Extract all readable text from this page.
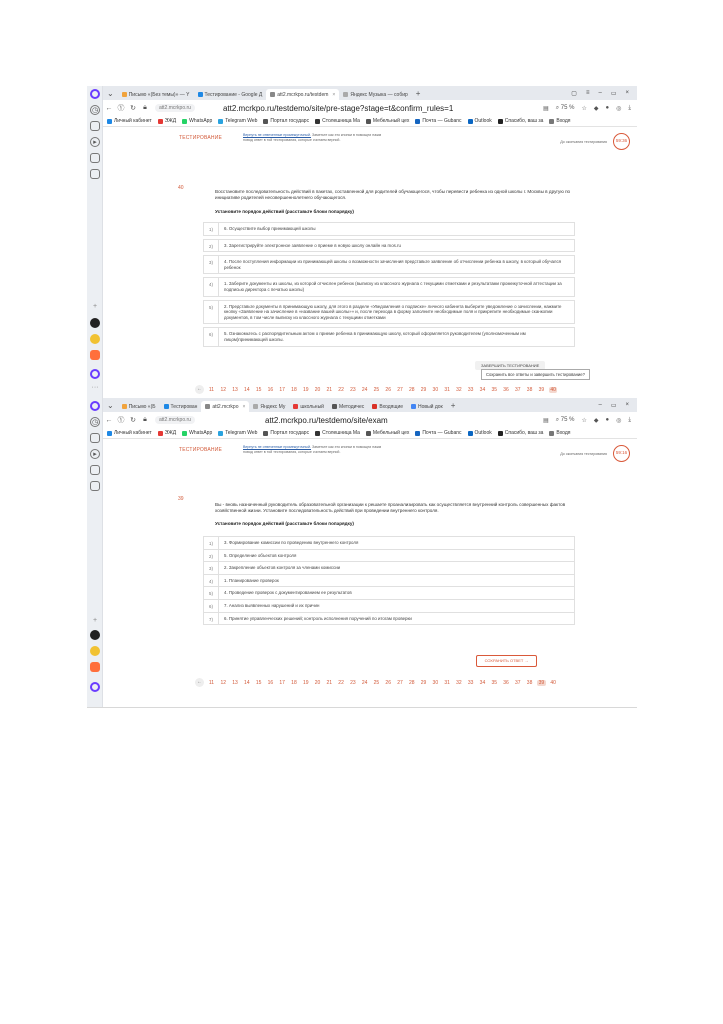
◷
▸
+
···
⌄	Письмо «(Без темы)» — Y	Тестирование - Google Д	att2.mcrkpo.ru/testdem ×	Яндекс Музыка — собир	+	▢ ≡ – ▭ ×
← Ⓨ ↻	🔒︎	att2.mcrkpo.ru	att2.mcrkpo.ru/testdemo/site/pre-stage?stage=t&confirm_rules=1	▤ ⌕ 75 % ☆ ◆ ● ◎ ⤓
Личный кабинет	ЭЖД	WhatsApp	Telegram Web	Портал государс	Столешница Ма	Мебельный цех	Почта — Gubanc	Outlook	Спасибо, ваш за	Входя
ТЕСТИРОВАНИЕ	Вернуть не отвеченные промежуточный. Заметьте как это кнопки в помощни нажм повод ответ в той тестирования, которые считаем верной.
До окончания тестирования	59:36
40
Восстановите последовательность действий в пакетах, составленной для родителей обучающегося, чтобы перевести ребенка из одной школы г. Москвы в другую по инициативе родителей несовершеннолетнего обучающегося.
Установите порядок действий (расставьте блоки попарядку)
1)	6. Осуществите выбор принимающей школы
2)	3. Зарегистрируйте электронное заявление о приеме в новую школу онлайн на mos.ru
3)	4. После поступления информации из принимающей школы о возможности зачисления представьте заявление об отчислении ребенка в школу, в который обучался ребенок
4)	1. Заберите документы из школы, из которой отчислен ребенок (выписку из классного журнала с текущими отметками и результатами промежуточной аттестации за подписью директора с печатью школы)
5)	2. Представьте документы в принимающую школу, для этого в разделе «Уведомления о подписке» личного кабинета выберите уведомление о зачислении, нажмите кнопку «Заявление на зачисление в «название вашей школы»» и, после перехода в форму заполните необходимые поля и прикрепите необходимые сканкопии документов, в том числе выписку из классного журнала с текущими отметками
6)	5. Ознакомьтесь с распорядительным актом о приеме ребенка в принимающую школу, который оформляется руководителем (уполномоченным им лицом)принимающей школы.
ЗАВЕРШИТЬ ТЕСТИРОВАНИЕ
Сохранить все ответы и завершить тестирование?
←	11	12	13	14	15	16	17	18	19	20	21	22	23	24	25	26	27	28	29	30	31	32	33	34	35	36	37	38	39	40
◷
▸
+
⌄	Письмо «(Б	Тестирован	att2.mcrkpo ×	Яндекс Му	школьный	Методичес	Входящие	Новый док	+	– ▭ ×
← Ⓨ ↻	🔒︎	att2.mcrkpo.ru	att2.mcrkpo.ru/testdemo/site/exam	▤ ⌕ 75 % ☆ ◆ ● ◎ ⤓
Личный кабинет	ЭЖД	WhatsApp	Telegram Web	Портал государс	Столешница Ма	Мебельный цех	Почта — Gubanc	Outlook	Спасибо, ваш за	Входя
ТЕСТИРОВАНИЕ	Вернуть не отвеченные промежуточный. Заметьте как это кнопки в помощни нажм повод ответ в той тестирования, которые считаем верной.
До окончания тестирования	59:16
39
Вы - вновь назначенный руководитель образовательной организации к решаете проанализировать как осуществляется внутренний контроль совершенных фактов хозяйственной жизни. Установите последовательность действий при проведении внутреннего контроля.
Установите порядок действий (расставьте блоки попарядку)
1)	3. Формирование комиссии по проведению внутреннего контроля
2)	5. Определение объектов контроля
3)	2. Закрепление объектов контроля за членами комиссии
4)	1. Планирование проверок
5)	4. Проведение проверок с документированием ее результатов
6)	7. Анализ выявленных нарушений и их причин
7)	6. Принятие управленческих решений; контроль исполнения поручений по итогам проверки
СОХРАНИТЬ ОТВЕТ →
←	11	12	13	14	15	16	17	18	19	20	21	22	23	24	25	26	27	28	29	30	31	32	33	34	35	36	37	38	39	40
